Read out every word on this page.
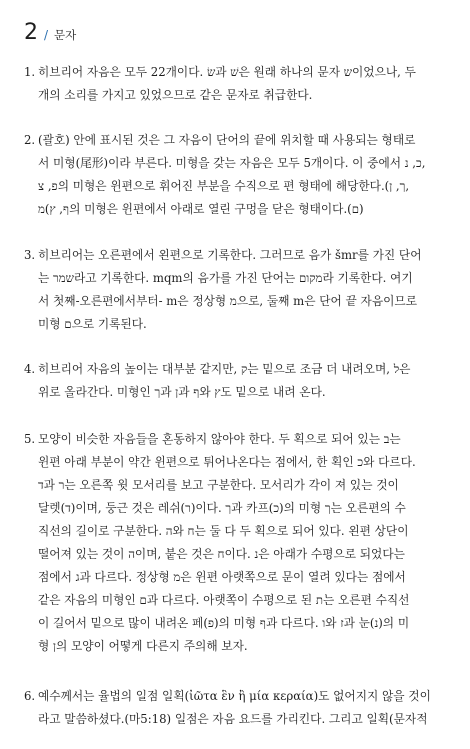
2 / 문자
1. 히브리어 자음은 모두 22개이다. שׂ과 שׁ은 원래 하나의 문자 ש이었으나, 두
개의 소리를 가지고 있었으므로 같은 문자로 취급한다.
2. (괄호) 안에 표시된 것은 그 자음이 단어의 끝에 위치할 때 사용되는 형태로
서 미형(尾形)이라 부른다. 미형을 갖는 자음은 모두 5개이다. 이 중에서 כ, נ,
פ, צ의 미형은 윈편으로 휘어진 부분을 수직으로 편 형태에 해당한다.(ך, ן,
ף, ץ)מ의 미형은 윈편에서 아래로 열린 구멍을 닫은 형태이다.(ם)
3. 히브리어는 오른편에서 왼편으로 기록한다. 그러므로 음가 šmr를 가진 단어
는 שמר라고 기록한다. mqm의 음가를 가진 단어는 מקום라 기록한다. 여기
서 첫째-오른편에서부터- m은 정상형 מ으로, 둘째 m은 단어 끝 자음이므로
미형 ם으로 기록된다.
4. 히브리어 자음의 높이는 대부분 같지만, ק는 밑으로 조금 더 내려오며, ל은
위로 올라간다. 미형인 ך과 ן과 ף와 ץ도 밑으로 내려 온다.
5. 모양이 비슷한 자음들을 혼동하지 않아야 한다. 두 획으로 되어 있는 ב는
윈편 아래 부분이 약간 윈편으로 튀어나온다는 점에서, 한 획인 כ와 다르다.
ד과 ר는 오른쪽 윗 모서리를 보고 구분한다. 모서리가 각이 져 있는 것이
달렛(ד)이며, 둥근 것은 레쉬(ר)이다. ך과 카프(כ)의 미형 ך는 오른편의 수
직선의 길이로 구분한다. ה와 ח는 둘 다 두 획으로 되어 있다. 왼편 상단이
떨어져 있는 것이 ה이며, 붙은 것은 ח이다. נ은 아래가 수평으로 되었다는
점에서 ג과 다르다. 정상형 מ은 윈편 아랫쪽으로 문이 열려 있다는 점에서
같은 자음의 미형인 ם과 다르다. 아랫쪽이 수평으로 된 ת는 오른편 수직선
이 길어서 밑으로 많이 내려온 페(פ)의 미형 ף과 다르다. ו와 ז과 눈(נ)의 미
형 ן의 모양이 어떻게 다른지 주의해 보자.
6. 예수께서는 율법의 일점 일획(ἰῶτα ἓν ἢ μία κεραία)도 없어지지 않을 것이
라고 말씀하셨다.(마5:18) 일점은 자음 요드를 가리킨다. 그리고 일획(문자적
